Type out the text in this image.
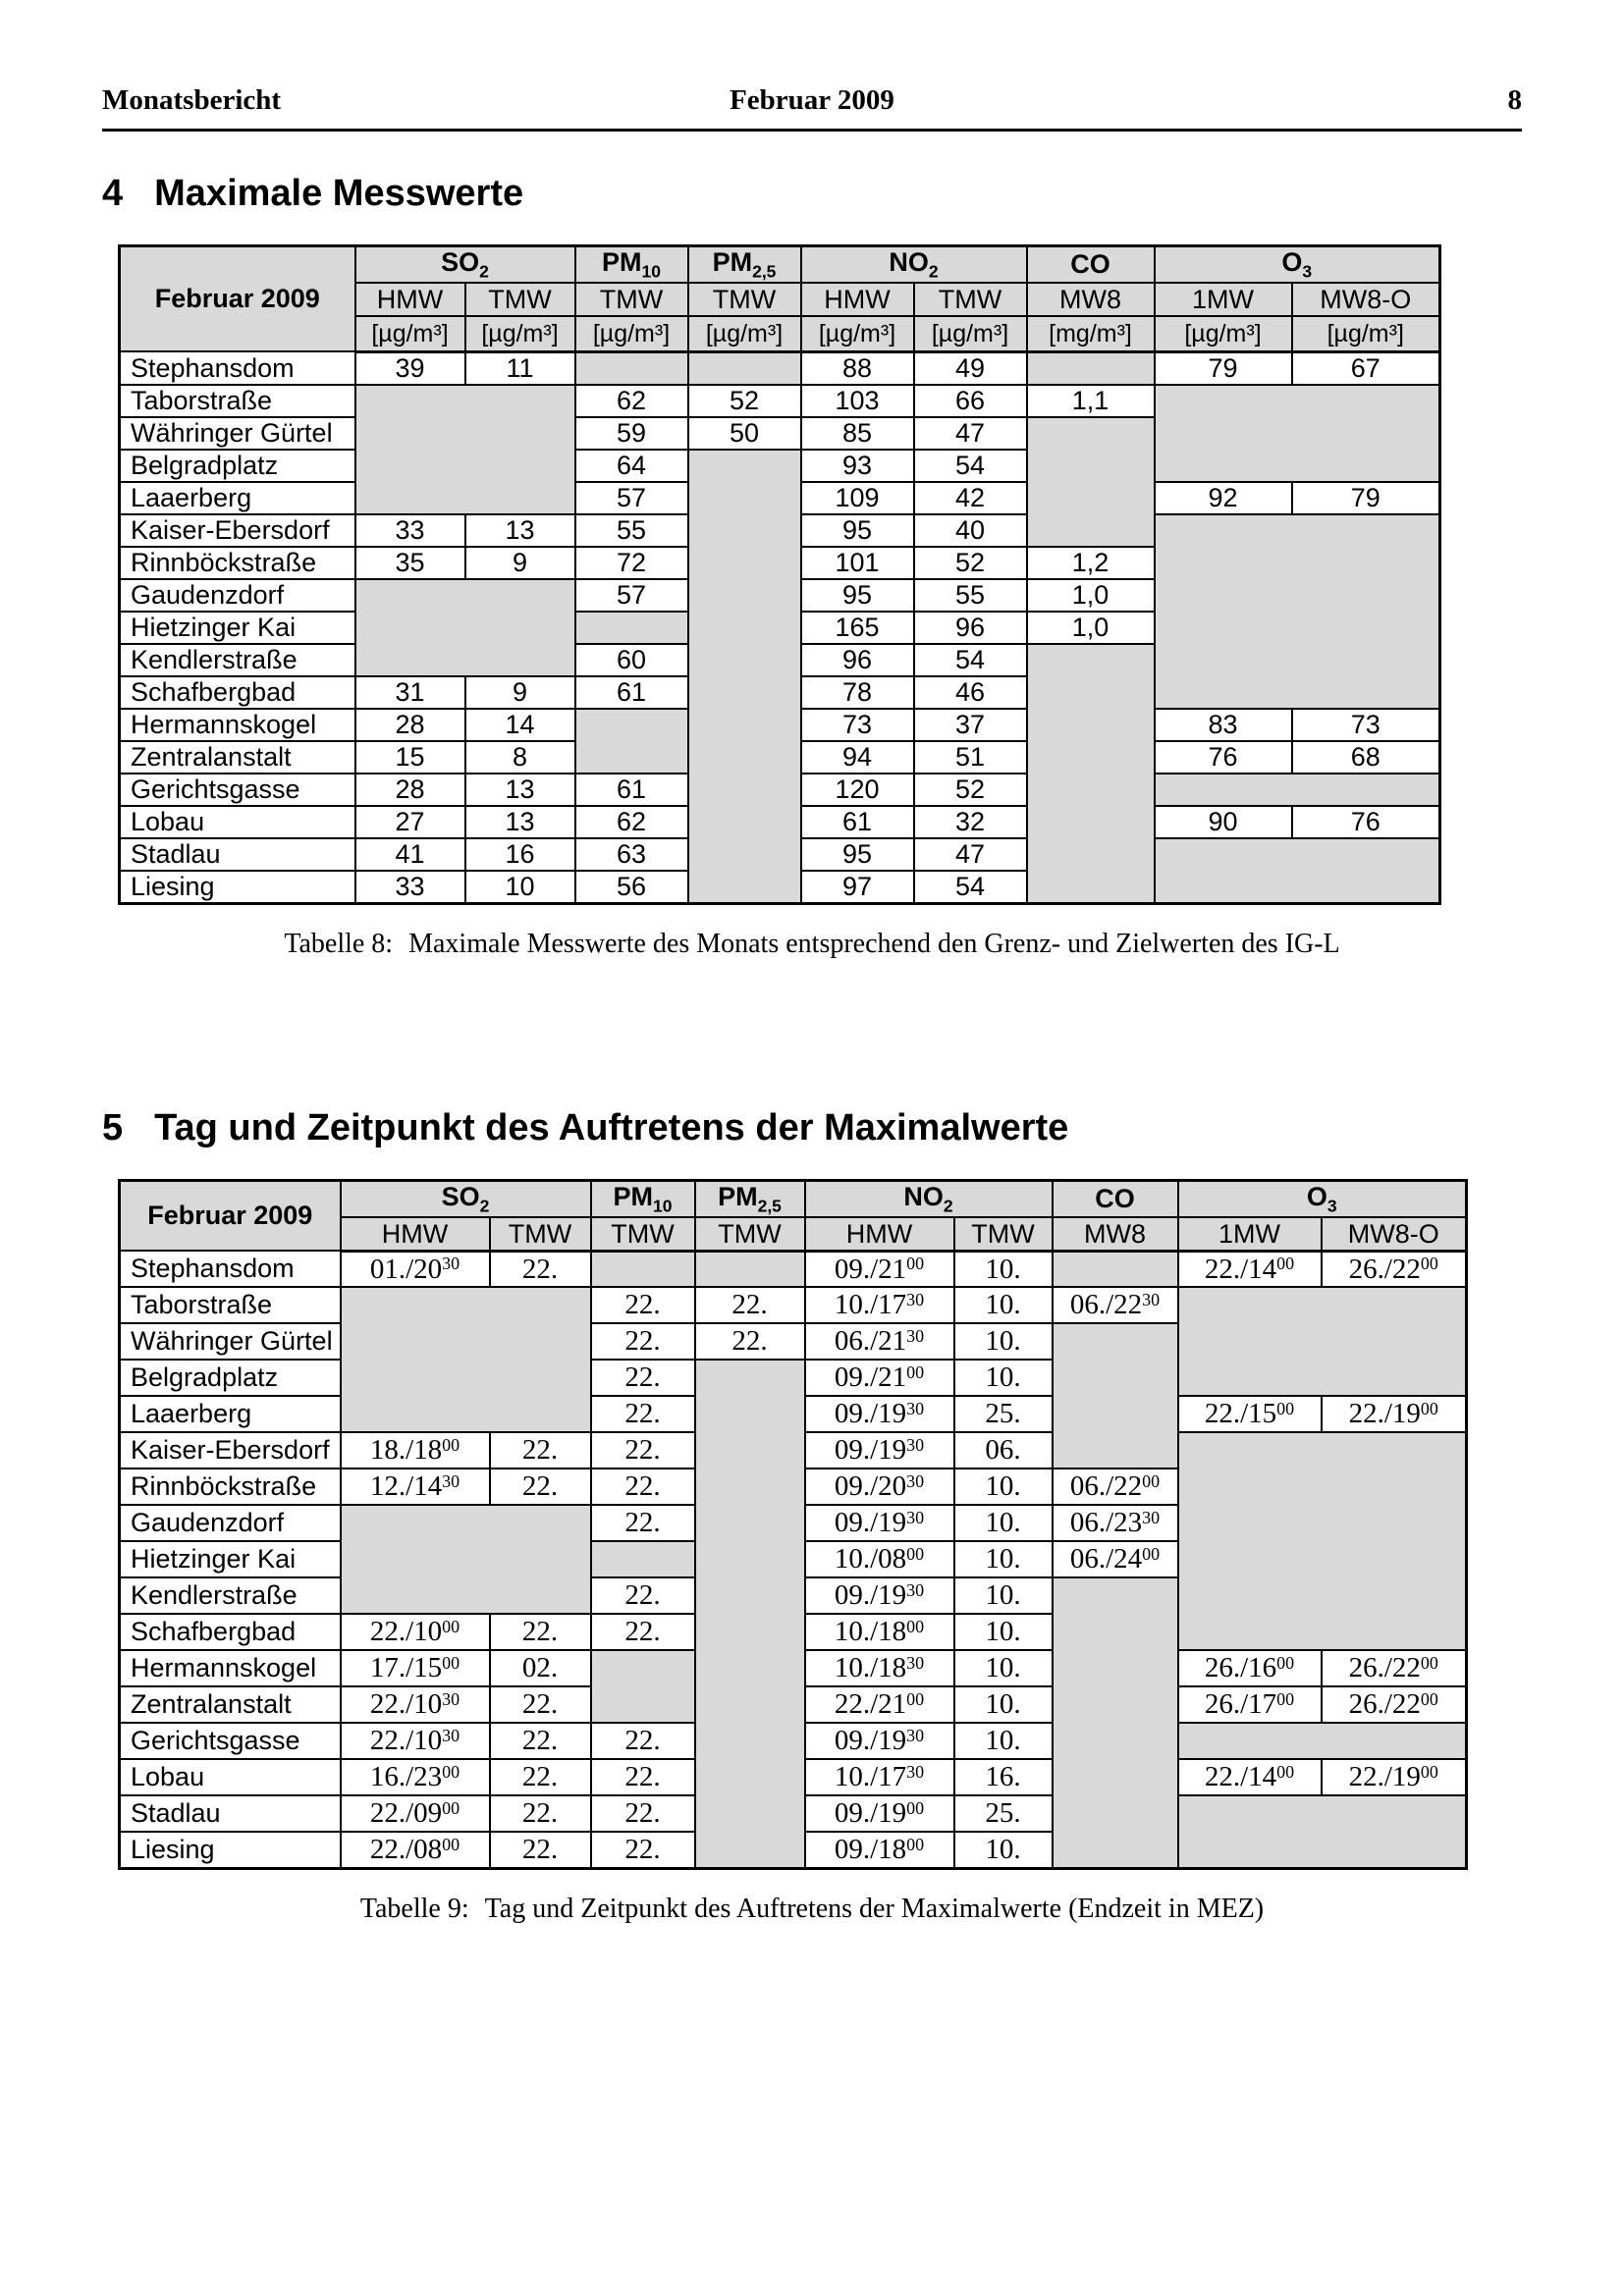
Monatsbericht	Februar 2009	8
4 Maximale Messwerte
Februar 2009	$SO_2$		$PM_{10}$	$PM_{2,5}$	$NO_2$		CO	$O_3$
	HMW	TMW	TMW	TMW	HMW	TMW	MW8	1MW	MW8-O
	[µg/m³]	[µg/m³]	[µg/m³]	[µg/m³]	[µg/m³]	[µg/m³]	[mg/m³]	[µg/m³]	[µg/m³]
Stephansdom	39	11			88	49		79	67
Taborstraße			62	52	103	66	1,1		
Währinger Gürtel			59	50	85	47			
Belgradplatz			64		93	54			
Laaerberg			57		109	42		92	79
Kaiser-Ebersdorf	33	13	55		95	40			
Rinnböckstraße	35	9	72		101	52	1,2		
Gaudenzdorf			57		95	55	1,0		
Hietzinger Kai					165	96	1,0		
Kendlerstraße			60		96	54			
Schafbergbad	31	9	61		78	46			
Hermannskogel	28	14			73	37		83	73
Zentralanstalt	15	8			94	51		76	68
Gerichtsgasse	28	13	61		120	52			
Lobau	27	13	62		61	32		90	76
Stadlau	41	16	63		95	47			
Liesing	33	10	56		97	54			
Tabelle 8: Maximale Messwerte des Monats entsprechend den Grenz- und Zielwerten des IG-L
5 Tag und Zeitpunkt des Auftretens der Maximalwerte
Februar 2009	$SO_2$		$PM_{10}$	$PM_{2,5}$	$NO_2$		CO	$O_3$
	HMW	TMW	TMW	TMW	HMW	TMW	MW8	1MW	MW8-O
Stephansdom	$01./20^{30}$	22.			$09./21^{00}$	10.		$22./14^{00}$	$26./22^{00}$
Taborstraße			22.	22.	$10./17^{30}$	10.	$06./22^{30}$	
Währinger Gürtel			22.	22.	$06./21^{30}$	10.			
Belgradplatz			22.		$09./21^{00}$	10.			
Laaerberg			22.		$09./19^{30}$	25.		$22./15^{00}$	$22./19^{00}$
Kaiser-Ebersdorf	$18./18^{00}$	22.	22.		$09./19^{30}$	06.			
Rinnböckstraße	$12./14^{30}$	22.	22.		$09./20^{30}$	10.	$06./22^{00}$
Gaudenzdorf			22.		$09./19^{30}$	10.	$06./23^{30}$
Hietzinger Kai					$10./08^{00}$	10.	$06./24^{00}$
Kendlerstraße			22.		$09./19^{30}$	10.			
Schafbergbad	$22./10^{00}$	22.	22.		$10./18^{00}$	10.			
Hermannskogel	$17./15^{00}$	02.			$10./18^{30}$	10.		$26./16^{00}$	$26./22^{00}$
Zentralanstalt	$22./10^{30}$	22.			$22./21^{00}$	10.		$26./17^{00}$	$26./22^{00}$
Gerichtsgasse	$22./10^{30}$	22.	22.		$09./19^{30}$	10.			
Lobau	$16./23^{00}$	22.	22.		$10./17^{30}$	16.		$22./14^{00}$	$22./19^{00}$
Stadlau	$22./09^{00}$	22.	22.		$09./19^{00}$	25.			
Liesing	$22./08^{00}$	22.	22.		$09./18^{00}$	10.			
Tabelle 9: Tag und Zeitpunkt des Auftretens der Maximalwerte (Endzeit in MEZ)
